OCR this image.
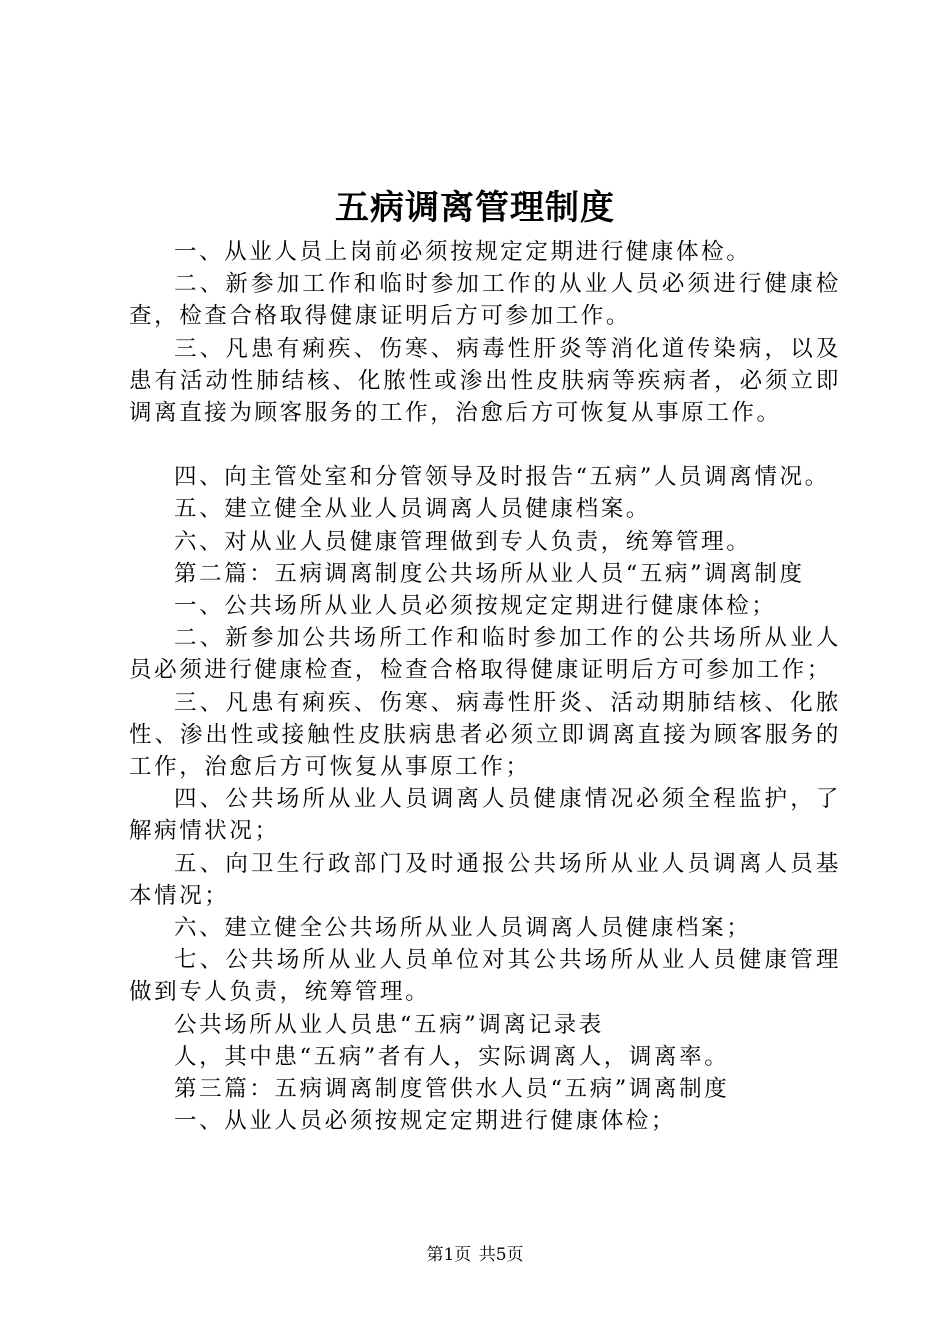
五病调离管理制度

一、从业人员上岗前必须按规定定期进行健康体检。

二、新参加工作和临时参加工作的从业人员必须进行健康检查，检查合格取得健康证明后方可参加工作。

三、凡患有痢疾、伤寒、病毒性肝炎等消化道传染病，以及患有活动性肺结核、化脓性或渗出性皮肤病等疾病者，必须立即调离直接为顾客服务的工作，治愈后方可恢复从事原工作。

四、向主管处室和分管领导及时报告“五病”人员调离情况。

五、建立健全从业人员调离人员健康档案。

六、对从业人员健康管理做到专人负责，统筹管理。

第二篇：五病调离制度公共场所从业人员“五病”调离制度

一、公共场所从业人员必须按规定定期进行健康体检；

二、新参加公共场所工作和临时参加工作的公共场所从业人员必须进行健康检查，检查合格取得健康证明后方可参加工作；

三、凡患有痢疾、伤寒、病毒性肝炎、活动期肺结核、化脓性、渗出性或接触性皮肤病患者必须立即调离直接为顾客服务的工作，治愈后方可恢复从事原工作；

四、公共场所从业人员调离人员健康情况必须全程监护，了解病情状况；

五、向卫生行政部门及时通报公共场所从业人员调离人员基本情况；

六、建立健全公共场所从业人员调离人员健康档案；

七、公共场所从业人员单位对其公共场所从业人员健康管理做到专人负责，统筹管理。

公共场所从业人员患“五病”调离记录表

人，其中患“五病”者有人，实际调离人，调离率。

第三篇：五病调离制度管供水人员“五病”调离制度

一、从业人员必须按规定定期进行健康体检；

第1页 共5页
